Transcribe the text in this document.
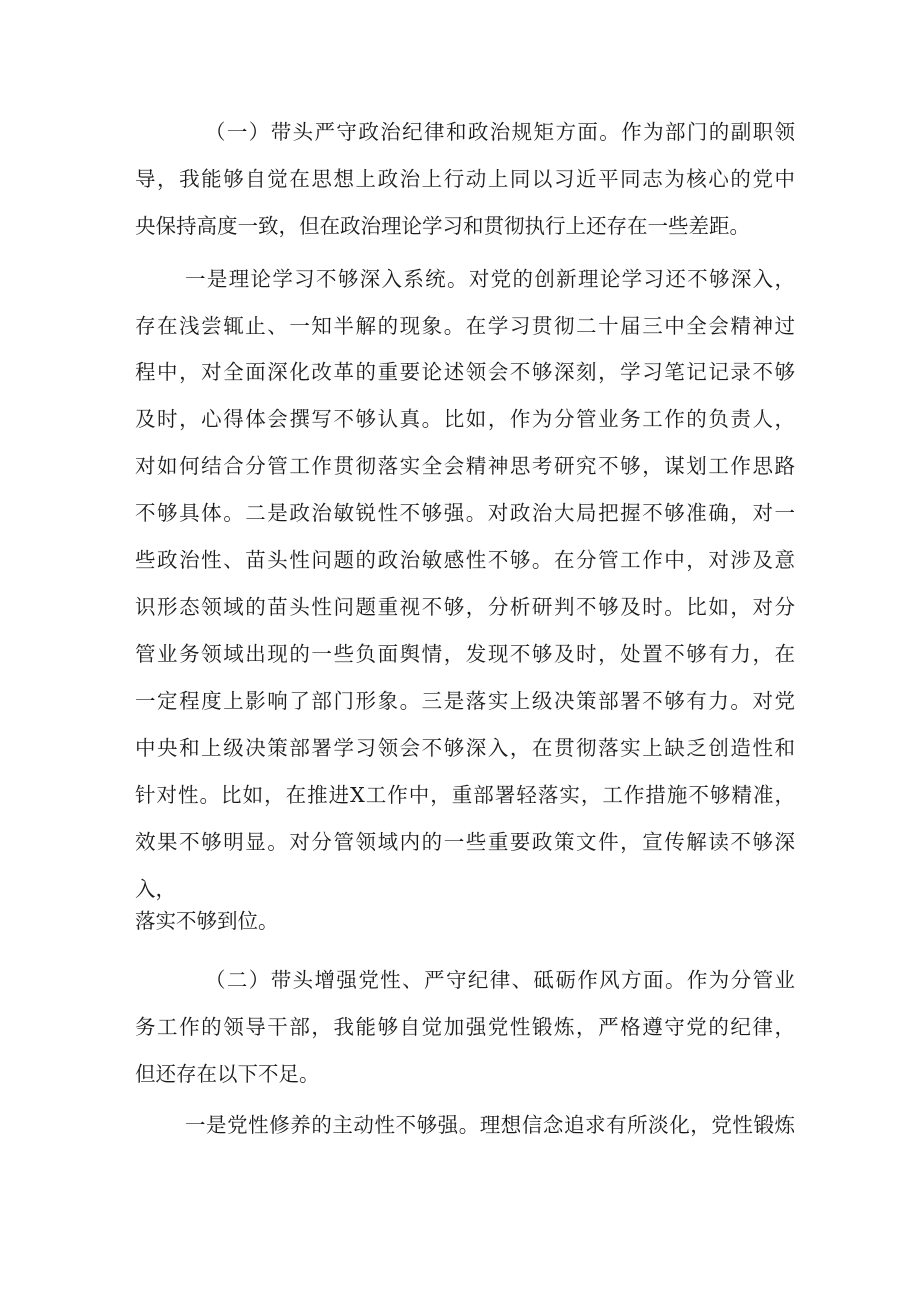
（一）带头严守政治纪律和政治规矩方面。作为部门的副职领

导，我能够自觉在思想上政治上行动上同以习近平同志为核心的党中

央保持高度一致，但在政治理论学习和贯彻执行上还存在一些差距。

一是理论学习不够深入系统。对党的创新理论学习还不够深入，

存在浅尝辄止、一知半解的现象。在学习贯彻二十届三中全会精神过

程中，对全面深化改革的重要论述领会不够深刻，学习笔记记录不够

及时，心得体会撰写不够认真。比如，作为分管业务工作的负责人，

对如何结合分管工作贯彻落实全会精神思考研究不够，谋划工作思路

不够具体。二是政治敏锐性不够强。对政治大局把握不够准确，对一

些政治性、苗头性问题的政治敏感性不够。在分管工作中，对涉及意

识形态领域的苗头性问题重视不够，分析研判不够及时。比如，对分

管业务领域出现的一些负面舆情，发现不够及时，处置不够有力，在

一定程度上影响了部门形象。三是落实上级决策部署不够有力。对党

中央和上级决策部署学习领会不够深入，在贯彻落实上缺乏创造性和

针对性。比如，在推进X工作中，重部署轻落实，工作措施不够精准，

效果不够明显。对分管领域内的一些重要政策文件，宣传解读不够深

入，

落实不够到位。

（二）带头增强党性、严守纪律、砥砺作风方面。作为分管业

务工作的领导干部，我能够自觉加强党性锻炼，严格遵守党的纪律，

但还存在以下不足。

一是党性修养的主动性不够强。理想信念追求有所淡化，党性锻炼
